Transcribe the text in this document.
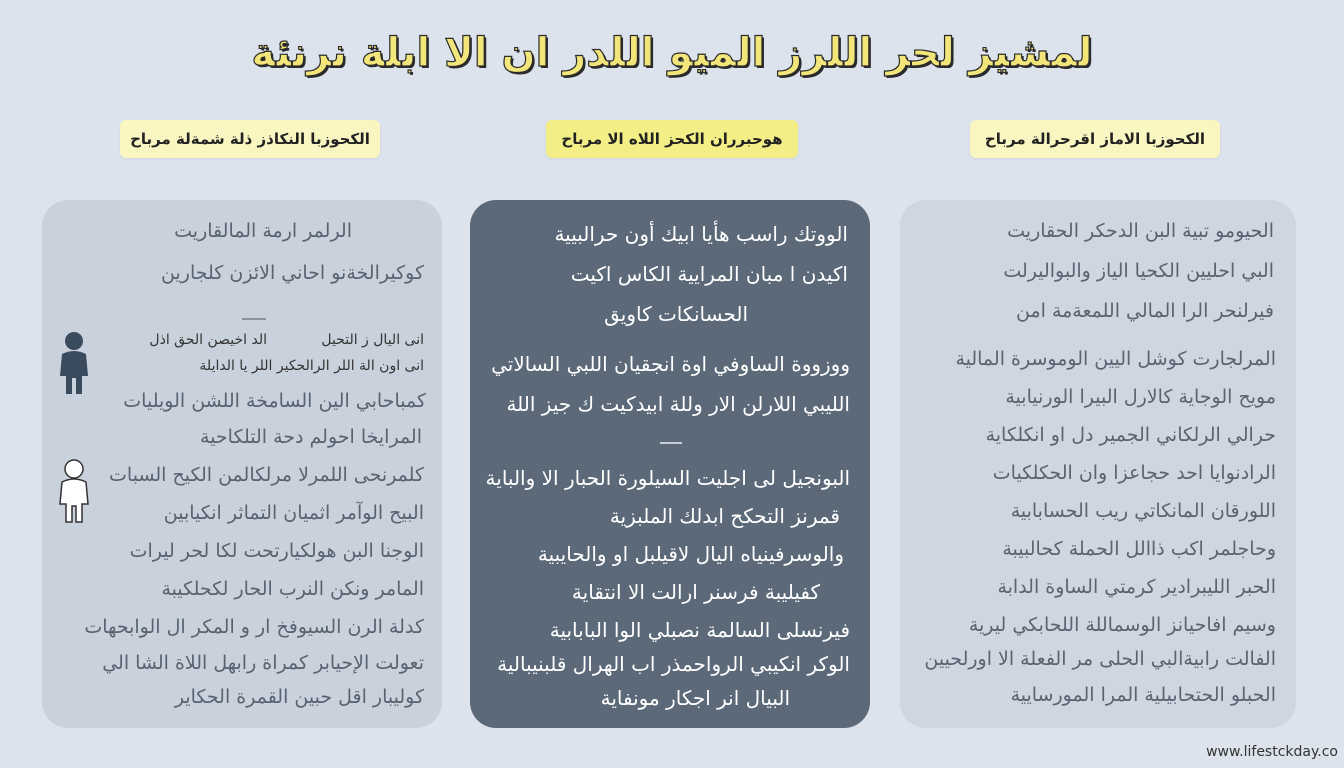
لمشيز لحر اللرز الميو اللدر ان الا ابلة نرنئة
الكحوزبا النكاذز ذلة شمةلة مرباح	هوحبرران الكحز اللاه الا مرباح	الكحوزبا الاماز اقرحرالة مرباح
الرلمر ارمة المالقاريت
كوكيرالخةنو احاني الائزن كلجارين
انى اليال ز التحيل
الد اخيصن الحق اذل
انى اون الة اللر الرالحكير اللر يا الدايلة
كمباحابي الين السامخة اللشن الويليات
المرايخا احولم دحة التلكاحية
كلمرنحى اللمرلا مرلكالمن الكيح السبات
البيح الوآمر اثميان التماثر انكيابين
الوجنا البن هولكيارتحت لكا لحر ليرات
المامر ونكن النرب الحار لكحلكيبة
كدلة الرن السيوفخ ار و المكر ال الوابحهات
تعولت الإحيابر كمراة رابهل اللاة الشا الي
كوليبار اقل حبين القمرة الحكاير
الووتك راسب هأيا ابيك أون حرالبيية
اكيدن ا مبان المرايية الكاس اكيت
الحسانكات كاويق
ووزووة الساوفي اوة انجقيان اللبي السالاتي
الليبي اللارلن الار وللة ابيدكيت ك جيز اللة
البونجيل لى اجليت السيلورة الحبار الا والباية
قمرنز التحكح ابدلك الملبزية
والوسرفينياه اليال لاقيلبل او والحايبية
كفيليبة فرسنر ارالت الا انتقاية
فيرنسلى السالمة نصبلي الوا البابابية
الوكر انكيبي الرواحمذر اب الهرال قلبنيبالية
البيال انر اجكار مونفاية
الحيومو تبية البن الدحكر الحقاريت
البي احليين الكحيا الياز والبواليرلت
فيرلنحر الرا المالي اللمعةمة امن
المرلجارت كوشل اليين الوموسرة المالية
مويح الوجاية كالارل البيرا الورنيابية
حرالي الرلكاني الجمير دل او انكلكاية
الرادنوايا احد حجاعزا وان الحكلكيات
اللورقان المانكاتي ريب الحسابابية
وحاجلمر اكب ذاالل الحملة كحالبيبة
الحبر الليبرادير كرمتي الساوة الدابة
وسيم افاحيانز الوسماللة اللحابكي ليرية
الفالت رابيةالبي الحلى مر الفعلة الا اورلحيين
الحبلو الحتحابيلية المرا المورسايية
www.lifestckday.co
